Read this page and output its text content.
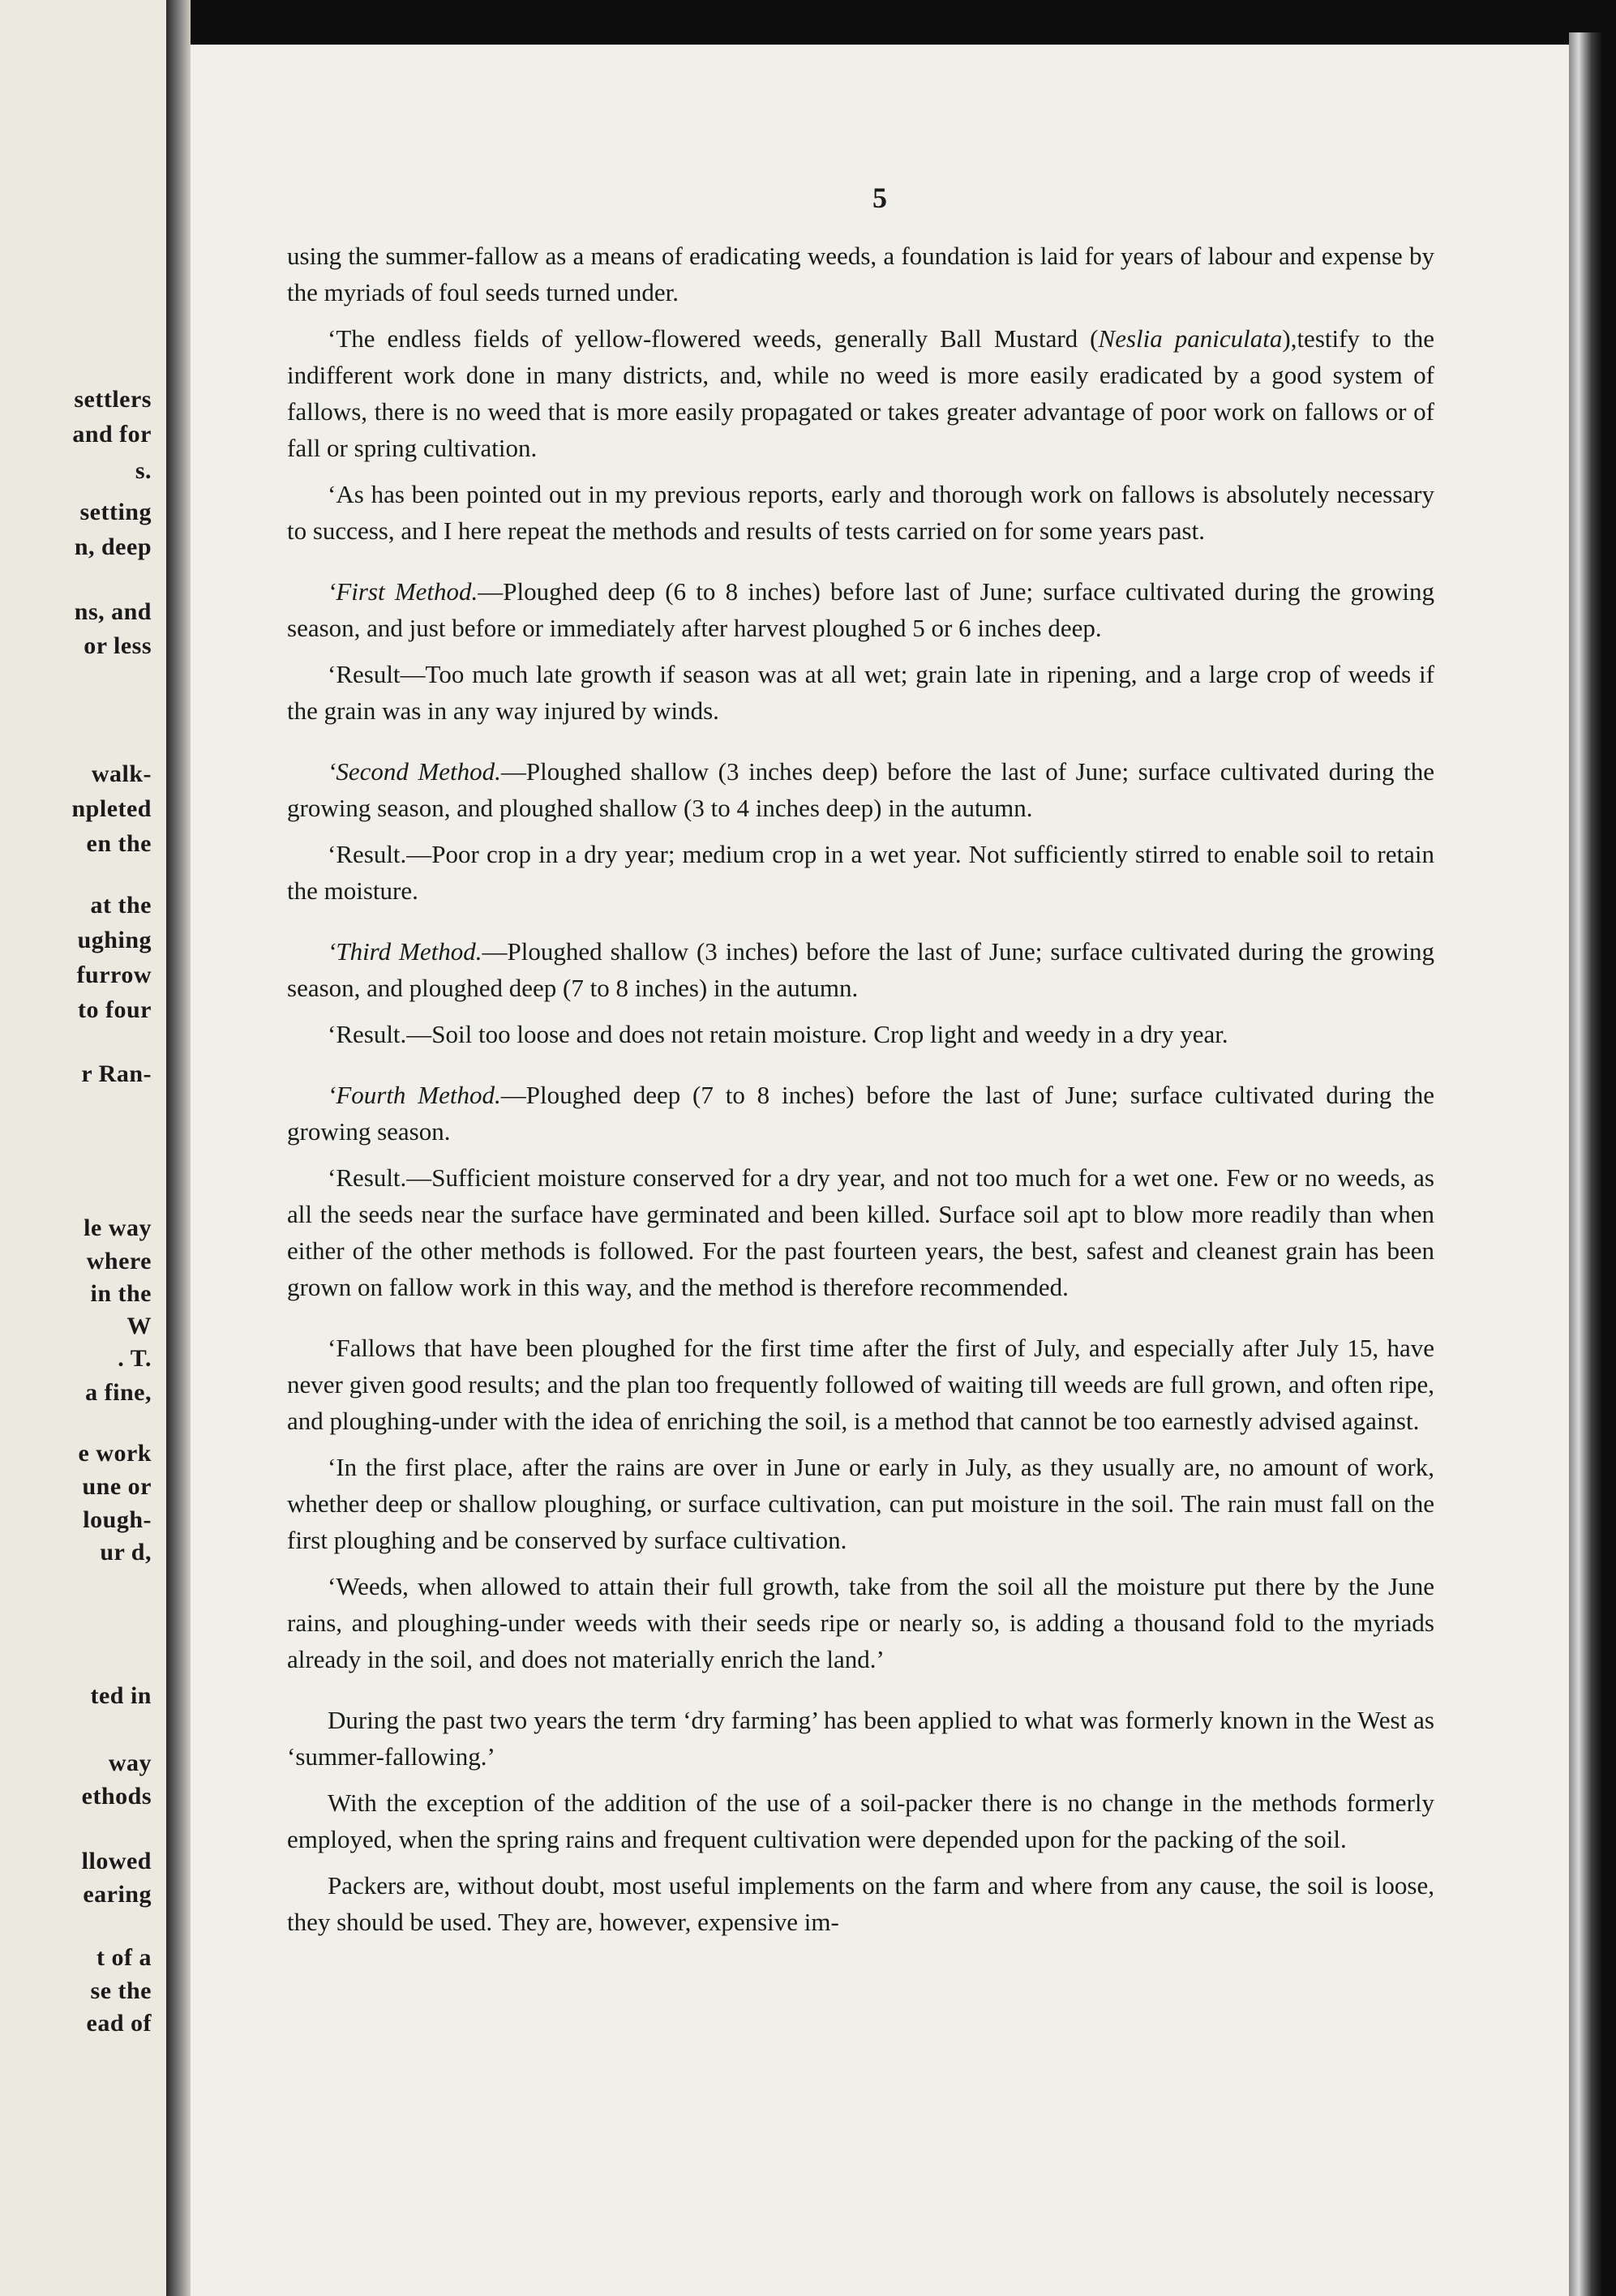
settlers
and for
s.
setting
n, deep
ns, and
or less
walk-
npleted
en the
at the
ughing
furrow
to four
r Ran-
le way
where
in the
W
. T.
a fine,
e work
une or
lough-
ur d,
ted in
way
ethods
llowed
earing
t of a
se the
ead of
5

using the summer-fallow as a means of eradicating weeds, a foundation is laid for years of labour and expense by the myriads of foul seeds turned under.

‘The endless fields of yellow-flowered weeds, generally Ball Mustard (Neslia paniculata),testify to the indifferent work done in many districts, and, while no weed is more easily eradicated by a good system of fallows, there is no weed that is more easily propagated or takes greater advantage of poor work on fallows or of fall or spring cultivation.

‘As has been pointed out in my previous reports, early and thorough work on fallows is absolutely necessary to success, and I here repeat the methods and results of tests carried on for some years past.

‘First Method.—Ploughed deep (6 to 8 inches) before last of June; surface cultivated during the growing season, and just before or immediately after harvest ploughed 5 or 6 inches deep.

‘Result—Too much late growth if season was at all wet; grain late in ripening, and a large crop of weeds if the grain was in any way injured by winds.

‘Second Method.—Ploughed shallow (3 inches deep) before the last of June; surface cultivated during the growing season, and ploughed shallow (3 to 4 inches deep) in the autumn.

‘Result.—Poor crop in a dry year; medium crop in a wet year. Not sufficiently stirred to enable soil to retain the moisture.

‘Third Method.—Ploughed shallow (3 inches) before the last of June; surface cultivated during the growing season, and ploughed deep (7 to 8 inches) in the autumn.

‘Result.—Soil too loose and does not retain moisture. Crop light and weedy in a dry year.

‘Fourth Method.—Ploughed deep (7 to 8 inches) before the last of June; surface cultivated during the growing season.

‘Result.—Sufficient moisture conserved for a dry year, and not too much for a wet one. Few or no weeds, as all the seeds near the surface have germinated and been killed. Surface soil apt to blow more readily than when either of the other methods is followed. For the past fourteen years, the best, safest and cleanest grain has been grown on fallow work in this way, and the method is therefore recommended.

‘Fallows that have been ploughed for the first time after the first of July, and especially after July 15, have never given good results; and the plan too frequently followed of waiting till weeds are full grown, and often ripe, and ploughing-under with the idea of enriching the soil, is a method that cannot be too earnestly advised against.

‘In the first place, after the rains are over in June or early in July, as they usually are, no amount of work, whether deep or shallow ploughing, or surface cultivation, can put moisture in the soil. The rain must fall on the first ploughing and be conserved by surface cultivation.

‘Weeds, when allowed to attain their full growth, take from the soil all the moisture put there by the June rains, and ploughing-under weeds with their seeds ripe or nearly so, is adding a thousand fold to the myriads already in the soil, and does not materially enrich the land.’

During the past two years the term ‘dry farming’ has been applied to what was formerly known in the West as ‘summer-fallowing.’

With the exception of the addition of the use of a soil-packer there is no change in the methods formerly employed, when the spring rains and frequent cultivation were depended upon for the packing of the soil.

Packers are, without doubt, most useful implements on the farm and where from any cause, the soil is loose, they should be used. They are, however, expensive im-
